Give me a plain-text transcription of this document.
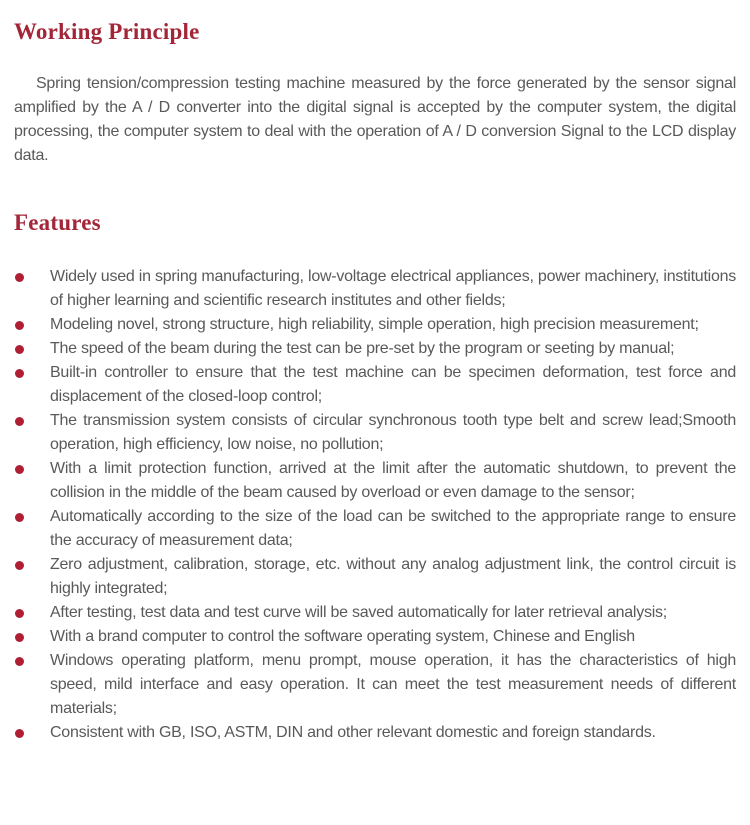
Working Principle

Spring tension/compression testing machine measured by the force generated by the sensor signal amplified by the A / D converter into the digital signal is accepted by the computer system, the digital processing, the computer system to deal with the operation of A / D conversion Signal to the LCD display data.

Features
Widely used in spring manufacturing, low-voltage electrical appliances, power machinery, institutions of higher learning and scientific research institutes and other fields;
Modeling novel, strong structure, high reliability, simple operation, high precision measurement;
The speed of the beam during the test can be pre-set by the program or seeting by manual;
Built-in controller to ensure that the test machine can be specimen deformation, test force and displacement of the closed-loop control;
The transmission system consists of circular synchronous tooth type belt and screw lead;Smooth operation, high efficiency, low noise, no pollution;
With a limit protection function, arrived at the limit after the automatic shutdown, to prevent the collision in the middle of the beam caused by overload or even damage to the sensor;
Automatically according to the size of the load can be switched to the appropriate range to ensure the accuracy of measurement data;
Zero adjustment, calibration, storage, etc. without any analog adjustment link, the control circuit is highly integrated;
After testing, test data and test curve will be saved automatically for later retrieval analysis;
With a brand computer to control the software operating system, Chinese and English
Windows operating platform, menu prompt, mouse operation, it has the characteristics of high speed, mild interface and easy operation. It can meet the test measurement needs of different materials;
Consistent with GB, ISO, ASTM, DIN and other relevant domestic and foreign standards.
